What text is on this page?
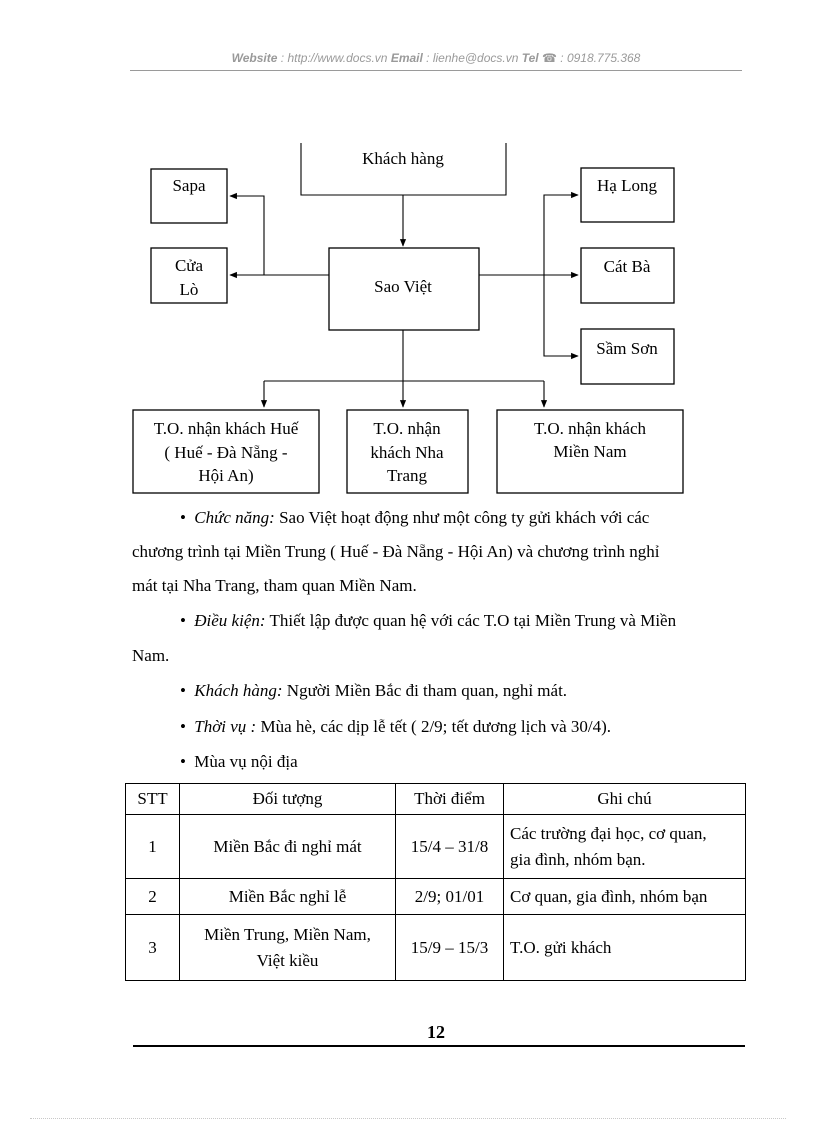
Website : http://www.docs.vn Email : lienhe@docs.vn Tel ☎ : 0918.775.368
Khách hàng
Sapa
Cửa
Lò	Sao Việt
Hạ Long
Cát Bà
Sầm Sơn
T.O. nhận khách Huế
( Huế - Đà Nẵng -
Hội An)
T.O. nhận
khách Nha
Trang
T.O. nhận khách
Miền Nam
• Chức năng: Sao Việt hoạt động như một công ty gửi khách với các
chương trình tại Miền Trung ( Huế - Đà Nẵng - Hội An) và chương trình nghỉ
mát tại Nha Trang, tham quan Miền Nam.
• Điều kiện: Thiết lập được quan hệ với các T.O tại Miền Trung và Miền
Nam.
• Khách hàng: Người Miền Bắc đi tham quan, nghỉ mát.
• Thời vụ : Mùa hè, các dịp lễ tết ( 2/9; tết dương lịch và 30/4).
• Mùa vụ nội địa
STT	Đối tượng	Thời điểm	Ghi chú
1	Miền Bắc đi nghỉ mát	15/4 – 31/8	Các trường đại học, cơ quan,
gia đình, nhóm bạn.

2	Miền Bắc nghỉ lễ	2/9; 01/01	Cơ quan, gia đình, nhóm bạn
3	Miền Trung, Miền Nam,
Việt kiều	15/9 – 15/3	T.O. gửi khách
12
